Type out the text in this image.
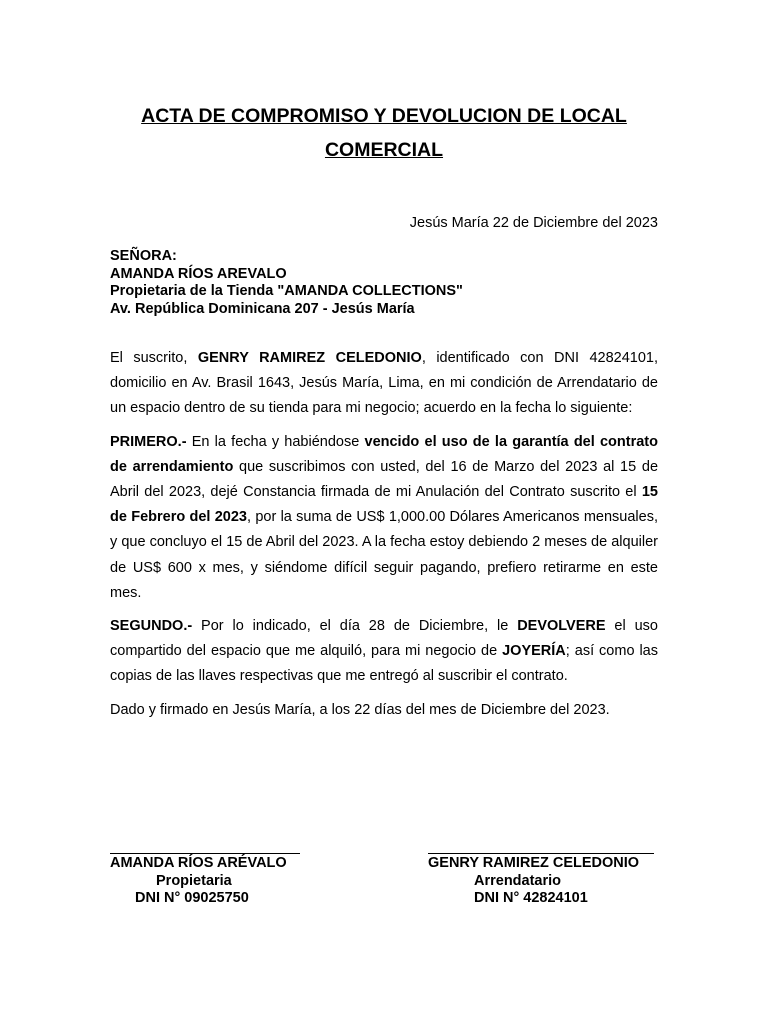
ACTA DE COMPROMISO Y DEVOLUCION DE LOCAL
COMERCIAL
Jesús María 22 de Diciembre del 2023
SEÑORA:
AMANDA RÍOS AREVALO
Propietaria de la Tienda "AMANDA COLLECTIONS"
Av. República Dominicana 207 - Jesús María

El suscrito, GENRY RAMIREZ CELEDONIO, identificado con DNI 42824101, domicilio en Av. Brasil 1643, Jesús María, Lima, en mi condición de Arrendatario de un espacio dentro de su tienda para mi negocio; acuerdo en la fecha lo siguiente:

PRIMERO.- En la fecha y habiéndose vencido el uso de la garantía del contrato de arrendamiento que suscribimos con usted, del 16 de Marzo del 2023 al 15 de Abril del 2023, dejé Constancia firmada de mi Anulación del Contrato suscrito el 15 de Febrero del 2023, por la suma de US$ 1,000.00 Dólares Americanos mensuales, y que concluyo el 15 de Abril del 2023. A la fecha estoy debiendo 2 meses de alquiler de US$ 600 x mes, y siéndome difícil seguir pagando, prefiero retirarme en este mes.

SEGUNDO.- Por lo indicado, el día 28 de Diciembre, le DEVOLVERE el uso compartido del espacio que me alquiló, para mi negocio de JOYERÍA; así como las copias de las llaves respectivas que me entregó al suscribir el contrato.

Dado y firmado en Jesús María, a los 22 días del mes de Diciembre del 2023.

AMANDA RÍOS ARÉVALO
Propietaria
DNI N° 09025750
GENRY RAMIREZ CELEDONIO
Arrendatario
DNI N° 42824101
